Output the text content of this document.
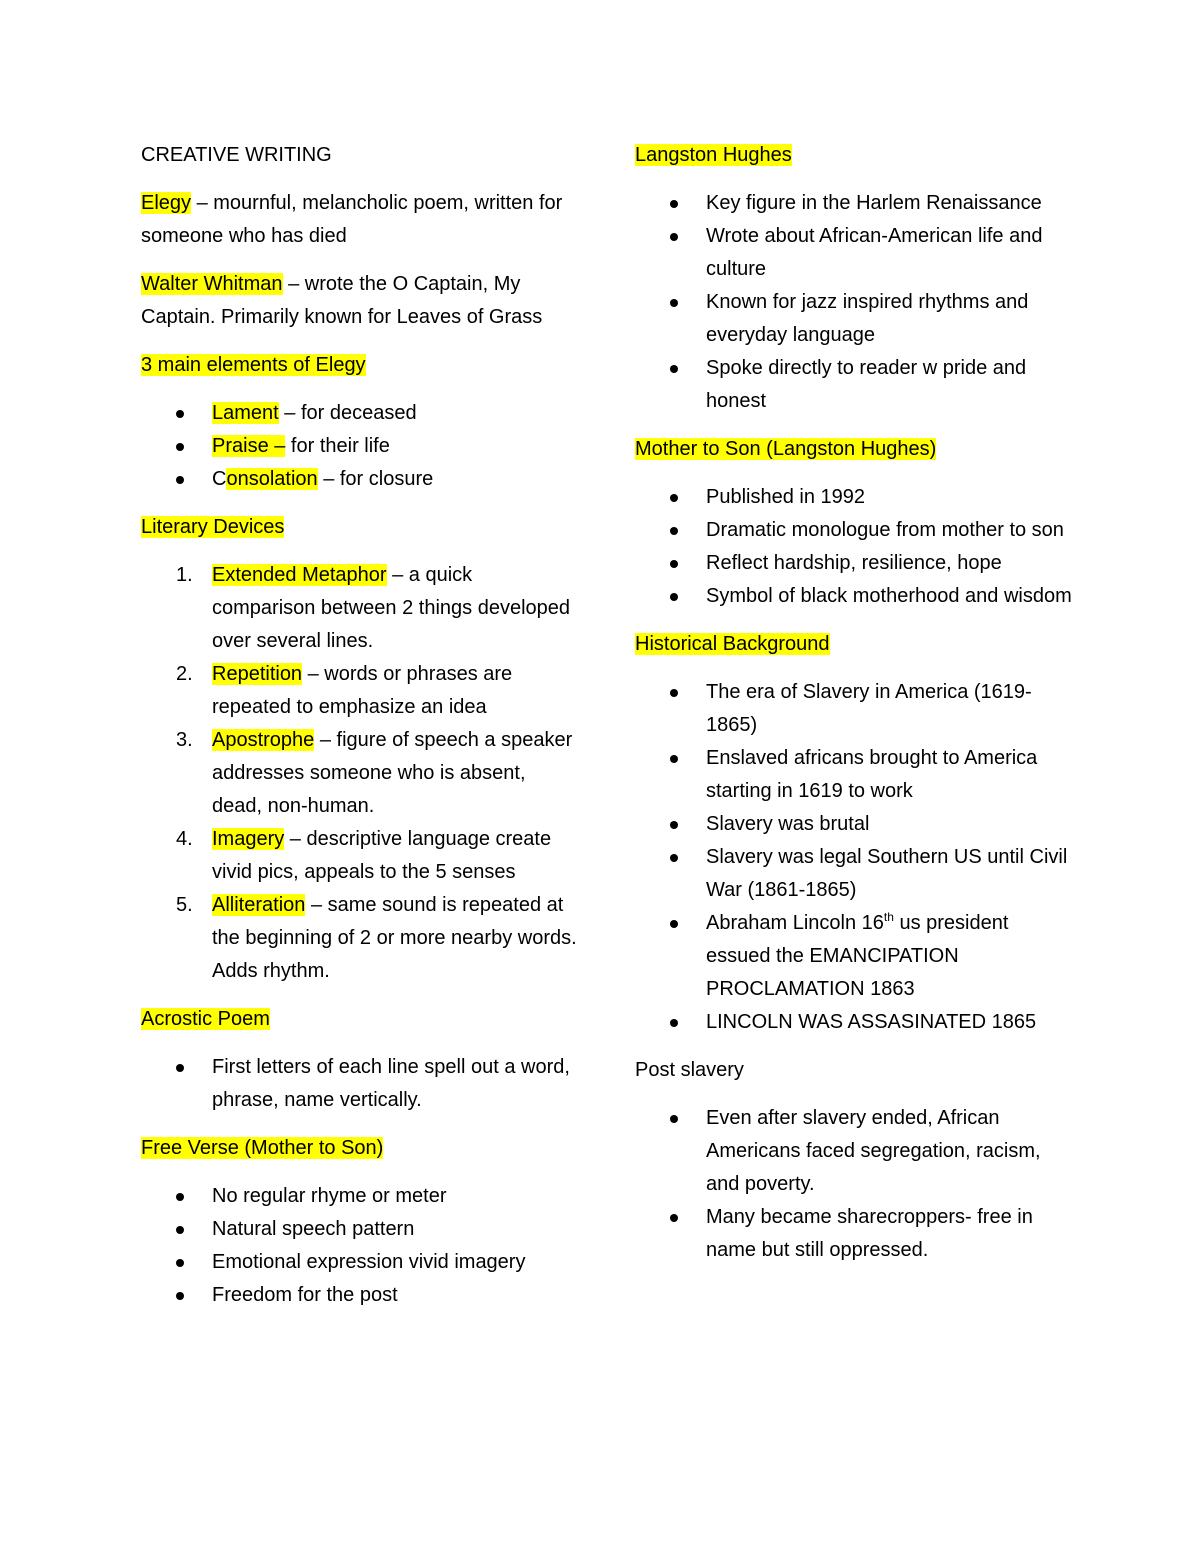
CREATIVE WRITING

Elegy – mournful, melancholic poem, written for someone who has died

Walter Whitman – wrote the O Captain, My Captain. Primarily known for Leaves of Grass

3 main elements of Elegy

Lament – for deceased
Praise – for their life
Consolation – for closure

Literary Devices

1. Extended Metaphor – a quick comparison between 2 things developed over several lines.
2. Repetition – words or phrases are repeated to emphasize an idea
3. Apostrophe – figure of speech a speaker addresses someone who is absent, dead, non-human.
4. Imagery – descriptive language create vivid pics, appeals to the 5 senses
5. Alliteration – same sound is repeated at the beginning of 2 or more nearby words. Adds rhythm.

Acrostic Poem

First letters of each line spell out a word, phrase, name vertically.

Free Verse (Mother to Son)

No regular rhyme or meter
Natural speech pattern
Emotional expression vivid imagery
Freedom for the post

Langston Hughes

Key figure in the Harlem Renaissance
Wrote about African-American life and culture
Known for jazz inspired rhythms and everyday language
Spoke directly to reader w pride and honest

Mother to Son (Langston Hughes)

Published in 1992
Dramatic monologue from mother to son
Reflect hardship, resilience, hope
Symbol of black motherhood and wisdom

Historical Background

The era of Slavery in America (1619-1865)
Enslaved africans brought to America starting in 1619 to work
Slavery was brutal
Slavery was legal Southern US until Civil War (1861-1865)
Abraham Lincoln 16th us president essued the EMANCIPATION PROCLAMATION 1863
LINCOLN WAS ASSASINATED 1865

Post slavery

Even after slavery ended, African Americans faced segregation, racism, and poverty.
Many became sharecroppers- free in name but still oppressed.
